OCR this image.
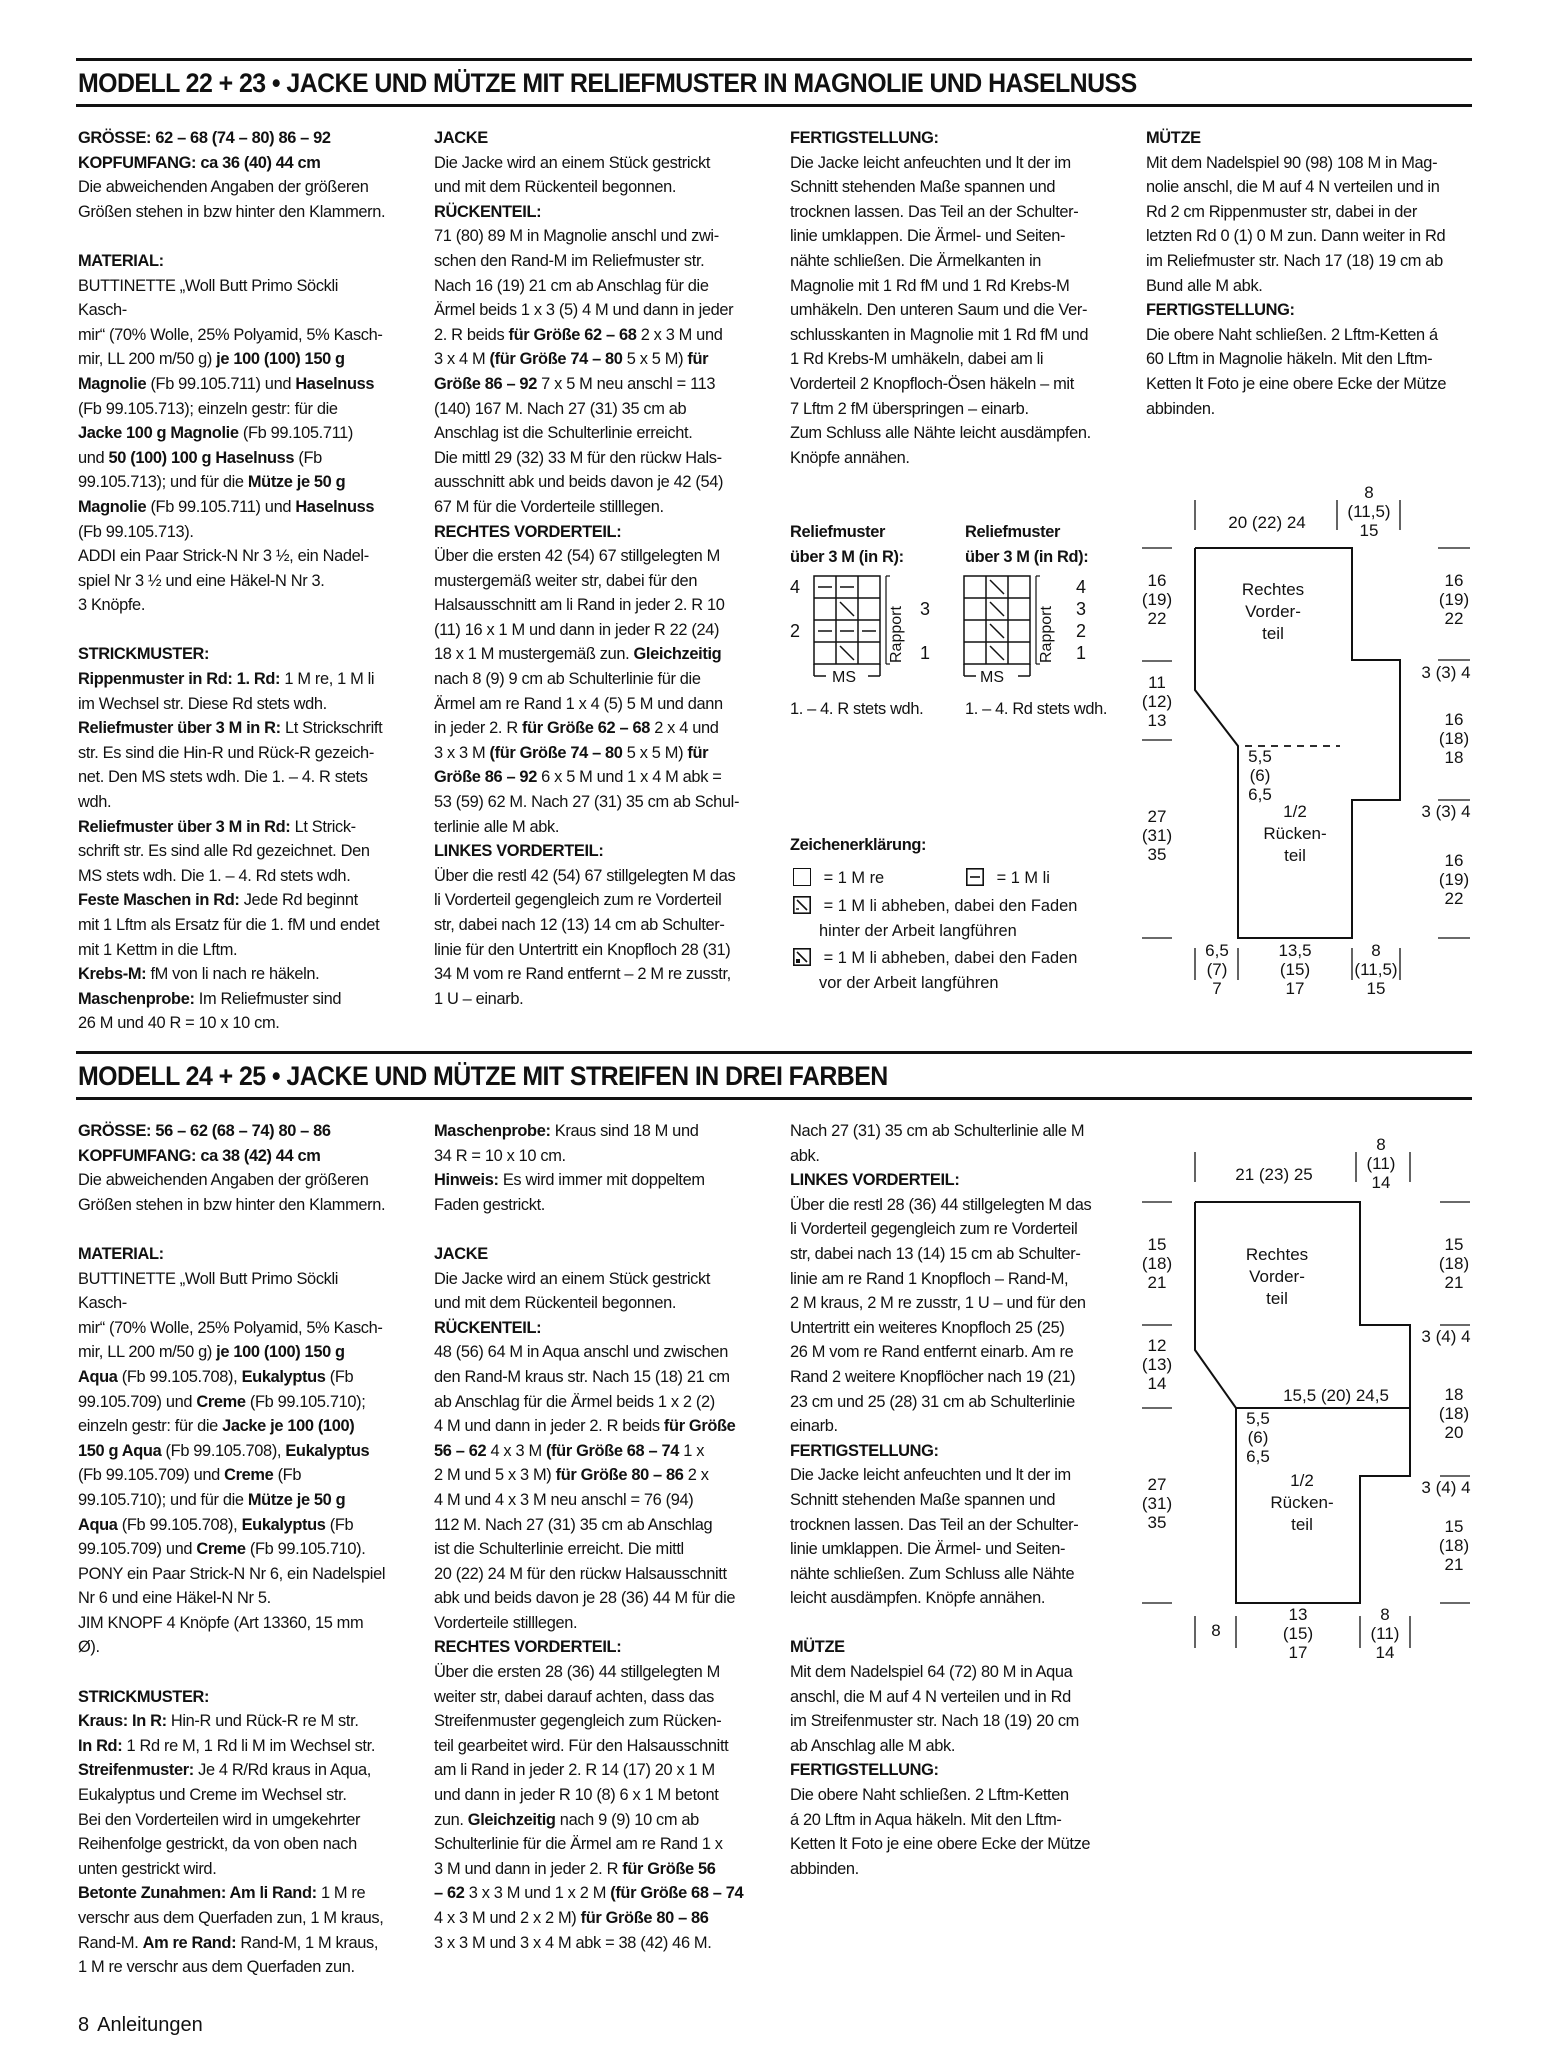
MODELL 22 + 23 • JACKE UND MÜTZE MIT RELIEFMUSTER IN MAGNOLIE UND HASELNUSS

GRÖSSE: 62 – 68 (74 – 80) 86 – 92

KOPFUMFANG: ca 36 (40) 44 cm

Die abweichenden Angaben der größeren

Größen stehen in bzw hinter den Klammern.

MATERIAL:

BUTTINETTE „Woll Butt Primo Söckli Kasch-

mir“ (70% Wolle, 25% Polyamid, 5% Kasch-

mir, LL 200 m/50 g) je 100 (100) 150 g

Magnolie (Fb 99.105.711) und Haselnuss

(Fb 99.105.713); einzeln gestr: für die

Jacke 100 g Magnolie (Fb 99.105.711)

und 50 (100) 100 g Haselnuss (Fb

99.105.713); und für die Mütze je 50 g

Magnolie (Fb 99.105.711) und Haselnuss

(Fb 99.105.713).

ADDI ein Paar Strick-N Nr 3 ½, ein Nadel-

spiel Nr 3 ½ und eine Häkel-N Nr 3.

3 Knöpfe.

STRICKMUSTER:

Rippenmuster in Rd: 1. Rd: 1 M re, 1 M li

im Wechsel str. Diese Rd stets wdh.

Reliefmuster über 3 M in R: Lt Strickschrift

str. Es sind die Hin-R und Rück-R gezeich-

net. Den MS stets wdh. Die 1. – 4. R stets

wdh.

Reliefmuster über 3 M in Rd: Lt Strick-

schrift str. Es sind alle Rd gezeichnet. Den

MS stets wdh. Die 1. – 4. Rd stets wdh.

Feste Maschen in Rd: Jede Rd beginnt

mit 1 Lftm als Ersatz für die 1. fM und endet

mit 1 Kettm in die Lftm.

Krebs-M: fM von li nach re häkeln.

Maschenprobe: Im Reliefmuster sind

26 M und 40 R = 10 x 10 cm.

JACKE

Die Jacke wird an einem Stück gestrickt

und mit dem Rückenteil begonnen.

RÜCKENTEIL:

71 (80) 89 M in Magnolie anschl und zwi-

schen den Rand-M im Reliefmuster str.

Nach 16 (19) 21 cm ab Anschlag für die

Ärmel beids 1 x 3 (5) 4 M und dann in jeder

2. R beids für Größe 62 – 68 2 x 3 M und

3 x 4 M (für Größe 74 – 80 5 x 5 M) für

Größe 86 – 92 7 x 5 M neu anschl = 113

(140) 167 M. Nach 27 (31) 35 cm ab

Anschlag ist die Schulterlinie erreicht.

Die mittl 29 (32) 33 M für den rückw Hals-

ausschnitt abk und beids davon je 42 (54)

67 M für die Vorderteile stilllegen.

RECHTES VORDERTEIL:

Über die ersten 42 (54) 67 stillgelegten M

mustergemäß weiter str, dabei für den

Halsausschnitt am li Rand in jeder 2. R 10

(11) 16 x 1 M und dann in jeder R 22 (24)

18 x 1 M mustergemäß zun. Gleichzeitig

nach 8 (9) 9 cm ab Schulterlinie für die

Ärmel am re Rand 1 x 4 (5) 5 M und dann

in jeder 2. R für Größe 62 – 68 2 x 4 und

3 x 3 M (für Größe 74 – 80 5 x 5 M) für

Größe 86 – 92 6 x 5 M und 1 x 4 M abk =

53 (59) 62 M. Nach 27 (31) 35 cm ab Schul-

terlinie alle M abk.

LINKES VORDERTEIL:

Über die restl 42 (54) 67 stillgelegten M das

li Vorderteil gegengleich zum re Vorderteil

str, dabei nach 12 (13) 14 cm ab Schulter-

linie für den Untertritt ein Knopfloch 28 (31)

34 M vom re Rand entfernt – 2 M re zusstr,

1 U – einarb.

FERTIGSTELLUNG:

Die Jacke leicht anfeuchten und lt der im

Schnitt stehenden Maße spannen und

trocknen lassen. Das Teil an der Schulter-

linie umklappen. Die Ärmel- und Seiten-

nähte schließen. Die Ärmelkanten in

Magnolie mit 1 Rd fM und 1 Rd Krebs-M

umhäkeln. Den unteren Saum und die Ver-

schlusskanten in Magnolie mit 1 Rd fM und

1 Rd Krebs-M umhäkeln, dabei am li

Vorderteil 2 Knopfloch-Ösen häkeln – mit

7 Lftm 2 fM überspringen – einarb.

Zum Schluss alle Nähte leicht ausdämpfen.

Knöpfe annähen.

MÜTZE

Mit dem Nadelspiel 90 (98) 108 M in Mag-

nolie anschl, die M auf 4 N verteilen und in

Rd 2 cm Rippenmuster str, dabei in der

letzten Rd 0 (1) 0 M zun. Dann weiter in Rd

im Reliefmuster str. Nach 17 (18) 19 cm ab

Bund alle M abk.

FERTIGSTELLUNG:

Die obere Naht schließen. 2 Lftm-Ketten á

60 Lftm in Magnolie häkeln. Mit den Lftm-

Ketten lt Foto je eine obere Ecke der Mütze

abbinden.

Reliefmuster

über 3 M (in R):

Reliefmuster

über 3 M (in Rd):

4
2
3
1
Rapport
MS
Rapport
4
3
2
1
MS
1. – 4. R stets wdh.	1. – 4. Rd stets wdh.
Zeichenerklärung:
= 1 M re	= 1 M li
= 1 M li abheben, dabei den Faden
hinter der Arbeit langführen
= 1 M li abheben, dabei den Faden
vor der Arbeit langführen
20 (22) 24
8
(11,5)
15
16
(19)
22
11
(12)
13
27
(31)
35
16
(19)
22
3 (3) 4
16
(18)
18
3 (3) 4
16
(19)
22
Rechtes
Vorder-
teil
1/2
Rücken-
teil
5,5
(6)
6,5
6,5
(7)
7
13,5
(15)
17
8
(11,5)
15
MODELL 24 + 25 • JACKE UND MÜTZE MIT STREIFEN IN DREI FARBEN

GRÖSSE: 56 – 62 (68 – 74) 80 – 86

KOPFUMFANG: ca 38 (42) 44 cm

Die abweichenden Angaben der größeren

Größen stehen in bzw hinter den Klammern.

MATERIAL:

BUTTINETTE „Woll Butt Primo Söckli Kasch-

mir“ (70% Wolle, 25% Polyamid, 5% Kasch-

mir, LL 200 m/50 g) je 100 (100) 150 g

Aqua (Fb 99.105.708), Eukalyptus (Fb

99.105.709) und Creme (Fb 99.105.710);

einzeln gestr: für die Jacke je 100 (100)

150 g Aqua (Fb 99.105.708), Eukalyptus

(Fb 99.105.709) und Creme (Fb

99.105.710); und für die Mütze je 50 g

Aqua (Fb 99.105.708), Eukalyptus (Fb

99.105.709) und Creme (Fb 99.105.710).

PONY ein Paar Strick-N Nr 6, ein Nadelspiel

Nr 6 und eine Häkel-N Nr 5.

JIM KNOPF 4 Knöpfe (Art 13360, 15 mm

Ø).

STRICKMUSTER:

Kraus: In R: Hin-R und Rück-R re M str.

In Rd: 1 Rd re M, 1 Rd li M im Wechsel str.

Streifenmuster: Je 4 R/Rd kraus in Aqua,

Eukalyptus und Creme im Wechsel str.

Bei den Vorderteilen wird in umgekehrter

Reihenfolge gestrickt, da von oben nach

unten gestrickt wird.

Betonte Zunahmen: Am li Rand: 1 M re

verschr aus dem Querfaden zun, 1 M kraus,

Rand-M. Am re Rand: Rand-M, 1 M kraus,

1 M re verschr aus dem Querfaden zun.

Maschenprobe: Kraus sind 18 M und

34 R = 10 x 10 cm.

Hinweis: Es wird immer mit doppeltem

Faden gestrickt.

JACKE

Die Jacke wird an einem Stück gestrickt

und mit dem Rückenteil begonnen.

RÜCKENTEIL:

48 (56) 64 M in Aqua anschl und zwischen

den Rand-M kraus str. Nach 15 (18) 21 cm

ab Anschlag für die Ärmel beids 1 x 2 (2)

4 M und dann in jeder 2. R beids für Größe

56 – 62 4 x 3 M (für Größe 68 – 74 1 x

2 M und 5 x 3 M) für Größe 80 – 86 2 x

4 M und 4 x 3 M neu anschl = 76 (94)

112 M. Nach 27 (31) 35 cm ab Anschlag

ist die Schulterlinie erreicht. Die mittl

20 (22) 24 M für den rückw Halsausschnitt

abk und beids davon je 28 (36) 44 M für die

Vorderteile stilllegen.

RECHTES VORDERTEIL:

Über die ersten 28 (36) 44 stillgelegten M

weiter str, dabei darauf achten, dass das

Streifenmuster gegengleich zum Rücken-

teil gearbeitet wird. Für den Halsausschnitt

am li Rand in jeder 2. R 14 (17) 20 x 1 M

und dann in jeder R 10 (8) 6 x 1 M betont

zun. Gleichzeitig nach 9 (9) 10 cm ab

Schulterlinie für die Ärmel am re Rand 1 x

3 M und dann in jeder 2. R für Größe 56

– 62 3 x 3 M und 1 x 2 M (für Größe 68 – 74

4 x 3 M und 2 x 2 M) für Größe 80 – 86

3 x 3 M und 3 x 4 M abk = 38 (42) 46 M.

Nach 27 (31) 35 cm ab Schulterlinie alle M

abk.

LINKES VORDERTEIL:

Über die restl 28 (36) 44 stillgelegten M das

li Vorderteil gegengleich zum re Vorderteil

str, dabei nach 13 (14) 15 cm ab Schulter-

linie am re Rand 1 Knopfloch – Rand-M,

2 M kraus, 2 M re zusstr, 1 U – und für den

Untertritt ein weiteres Knopfloch 25 (25)

26 M vom re Rand entfernt einarb. Am re

Rand 2 weitere Knopflöcher nach 19 (21)

23 cm und 25 (28) 31 cm ab Schulterlinie

einarb.

FERTIGSTELLUNG:

Die Jacke leicht anfeuchten und lt der im

Schnitt stehenden Maße spannen und

trocknen lassen. Das Teil an der Schulter-

linie umklappen. Die Ärmel- und Seiten-

nähte schließen. Zum Schluss alle Nähte

leicht ausdämpfen. Knöpfe annähen.

MÜTZE

Mit dem Nadelspiel 64 (72) 80 M in Aqua

anschl, die M auf 4 N verteilen und in Rd

im Streifenmuster str. Nach 18 (19) 20 cm

ab Anschlag alle M abk.

FERTIGSTELLUNG:

Die obere Naht schließen. 2 Lftm-Ketten

á 20 Lftm in Aqua häkeln. Mit den Lftm-

Ketten lt Foto je eine obere Ecke der Mütze

abbinden.

21 (23) 25
8
(11)
14
15
(18)
21
12
(13)
14
27
(31)
35
15
(18)
21
3 (4) 4
18
(18)
20
3 (4) 4
15
(18)
21
Rechtes
Vorder-
teil
1/2
Rücken-
teil
15,5 (20) 24,5
5,5
(6)
6,5
8
13
(15)
17
8
(11)
14
8 Anleitungen
